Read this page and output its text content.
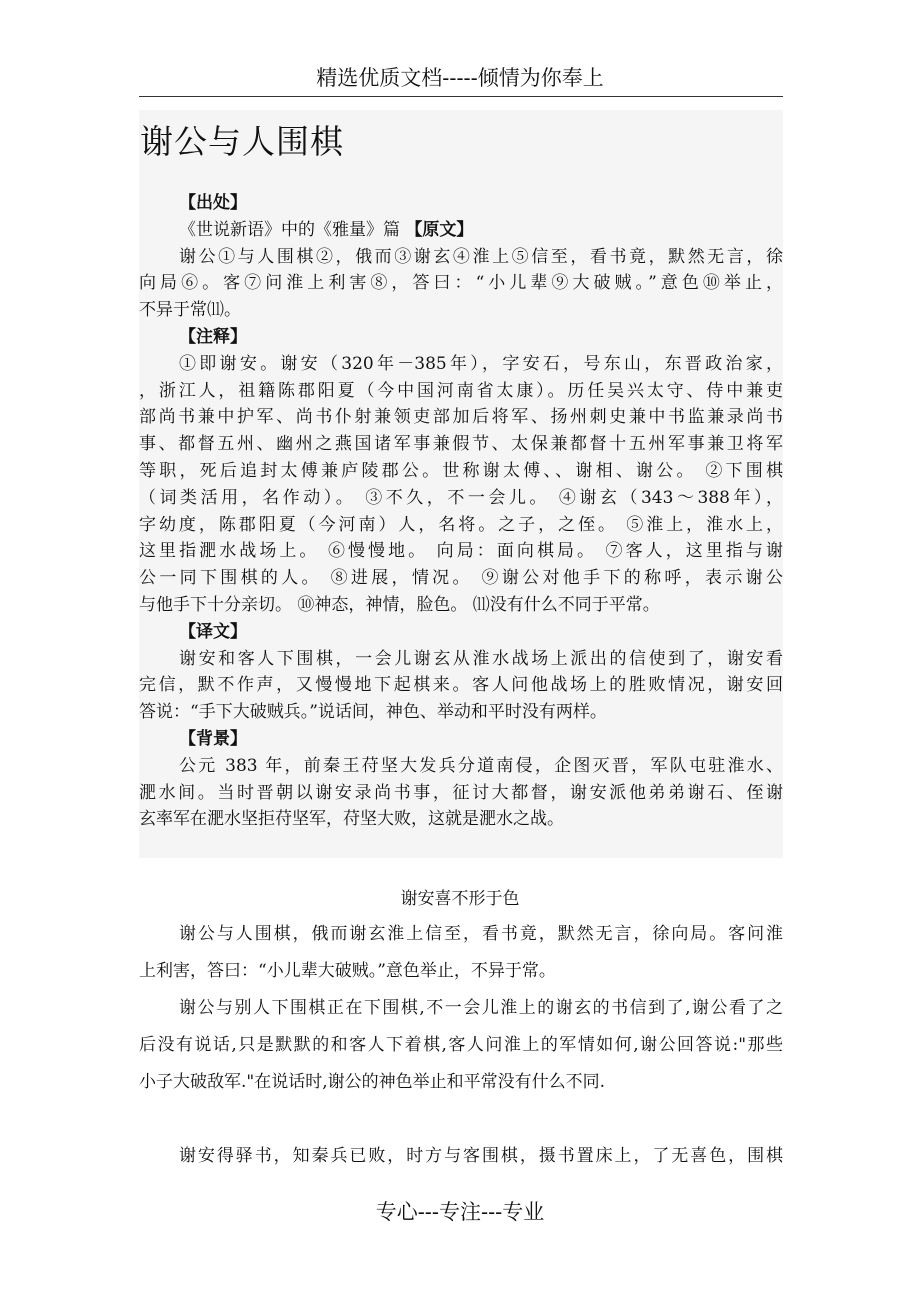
精选优质文档-----倾情为你奉上
谢公与人围棋
【出处】
《世说新语》中的《雅量》篇 【原文】
谢公①与人围棋②，俄而③谢玄④淮上⑤信至，看书竟，默然无言，徐
向局⑥。客⑦问淮上利害⑧，答曰：“小儿辈⑨大破贼。”意色⑩举止，
不异于常⑾。
【注释】
①即谢安。谢安（320年－385年），字安石，号东山，东晋政治家，
，浙江人，祖籍陈郡阳夏（今中国河南省太康）。历任吴兴太守、侍中兼吏
部尚书兼中护军、尚书仆射兼领吏部加后将军、扬州刺史兼中书监兼录尚书
事、都督五州、幽州之燕国诸军事兼假节、太保兼都督十五州军事兼卫将军
等职，死后追封太傅兼庐陵郡公。世称谢太傅、、谢相、谢公。 ②下围棋
（词类活用，名作动）。 ③不久，不一会儿。 ④谢玄（343～388年），
字幼度，陈郡阳夏（今河南）人，名将。之子，之侄。 ⑤淮上，淮水上，
这里指淝水战场上。 ⑥慢慢地。 向局：面向棋局。 ⑦客人，这里指与谢
公一同下围棋的人。 ⑧进展，情况。 ⑨谢公对他手下的称呼，表示谢公
与他手下十分亲切。 ⑩神态，神情，脸色。 ⑾没有什么不同于平常。
【译文】
谢安和客人下围棋，一会儿谢玄从淮水战场上派出的信使到了，谢安看
完信，默不作声，又慢慢地下起棋来。客人问他战场上的胜败情况，谢安回
答说：“手下大破贼兵。”说话间，神色、举动和平时没有两样。
【背景】
公元 383 年，前秦王苻坚大发兵分道南侵，企图灭晋，军队屯驻淮水、
淝水间。当时晋朝以谢安录尚书事，征讨大都督，谢安派他弟弟谢石、侄谢
玄率军在淝水坚拒苻坚军，苻坚大败，这就是淝水之战。
谢安喜不形于色
谢公与人围棋，俄而谢玄淮上信至，看书竟，默然无言，徐向局。客问淮
上利害，答曰：“小儿辈大破贼。”意色举止，不异于常。
谢公与别人下围棋正在下围棋,不一会儿淮上的谢玄的书信到了,谢公看了之
后没有说话,只是默默的和客人下着棋,客人问淮上的军情如何,谢公回答说:"那些
小子大破敌军."在说话时,谢公的神色举止和平常没有什么不同.
谢安得驿书，知秦兵已败，时方与客围棋，摄书置床上，了无喜色，围棋
专心---专注---专业
